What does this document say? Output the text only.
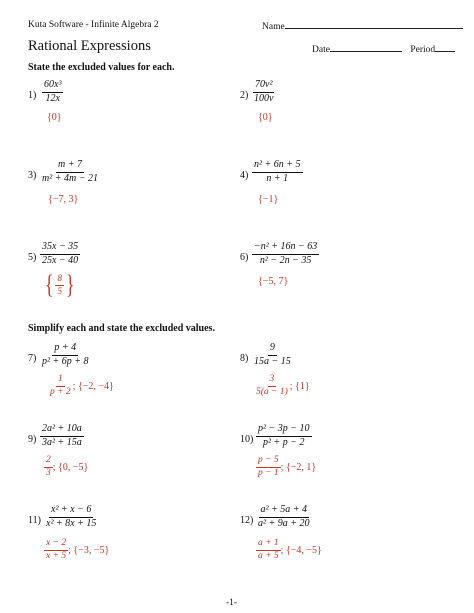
Kuta Software - Infinite Algebra 2	Name
Rational Expressions	Date	Period
State the excluded values for each.
$1) \frac{\text{60x³}}{12x}$
{0}
$2) \frac{\text{70v²}}{100v}$
{0}
$3) \frac{m + 7}{\text{m² + 4m − 21}}$
{−7, 3}
$4) \frac{\text{n² + 6n + 5}}{n + 1}$
{−1}
$5) \frac{35x - 35}{25x - 40}$
{ $\frac{8}{5}$ }
$6) \frac{\text{−n² + 16n − 63}}{\text{n² − 2n − 35}}$
{−5, 7}
Simplify each and state the excluded values.
$7) \frac{p + 4}{\text{p² + 6p + 8}}$
$\frac{1}{p + 2}$ ; {−2, −4}
$8) \frac{9}{15a - 15}$
$\frac{3}{5(a - 1)}$ ; {1}
$9) \frac{\text{2a² + 10a}}{\text{3a² + 15a}}$
$\frac{2}{3}$ ; {0, −5}
$10) \frac{\text{p² − 3p − 10}}{\text{p² + p − 2}}$
$\frac{p - 5}{p - 1}$ ; {−2, 1}
$11) \frac{\text{x² + x − 6}}{\text{x² + 8x + 15}}$
$\frac{x - 2}{x + 5}$ ; {−3, −5}
$12) \frac{\text{a² + 5a + 4}}{\text{a² + 9a + 20}}$
$\frac{a + 1}{a + 5}$ ; {−4, −5}
-1-
